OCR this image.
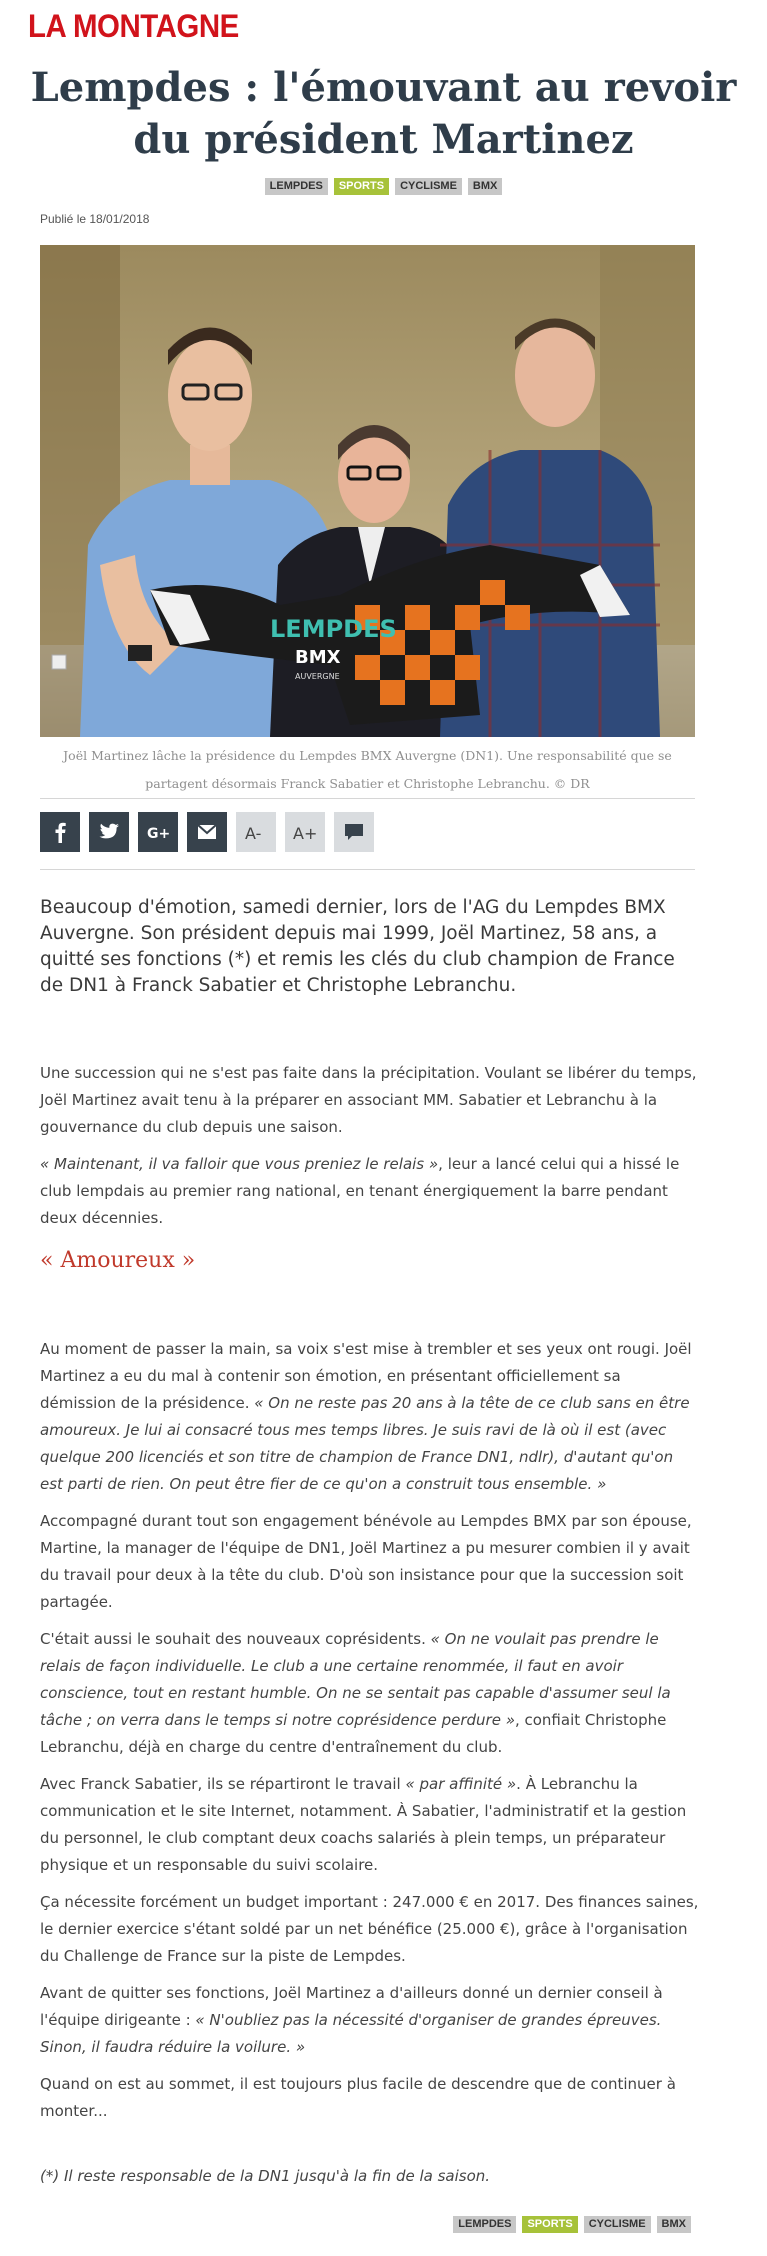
LA MONTAGNE
Lempdes : l'émouvant au revoir du président Martinez
LEMPDES SPORTS CYCLISME BMX
Publié le 18/01/2018
LEMPDES
BMX
AUVERGNE
Joël Martinez lâche la présidence du Lempdes BMX Auvergne (DN1). Une responsabilité que se partagent désormais Franck Sabatier et Christophe Lebranchu. © DR

G+

	A-
A+

Beaucoup d'émotion, samedi dernier, lors de l'AG du Lempdes BMX Auvergne. Son président depuis mai 1999, Joël Martinez, 58 ans, a quitté ses fonctions (*) et remis les clés du club champion de France de DN1 à Franck Sabatier et Christophe Lebranchu.

Une succession qui ne s'est pas faite dans la précipitation. Voulant se libérer du temps, Joël Martinez avait tenu à la préparer en associant MM. Sabatier et Lebranchu à la gouvernance du club depuis une saison.

« Maintenant, il va falloir que vous preniez le relais », leur a lancé celui qui a hissé le club lempdais au premier rang national, en tenant énergiquement la barre pendant deux décennies.

« Amoureux »

Au moment de passer la main, sa voix s'est mise à trembler et ses yeux ont rougi. Joël Martinez a eu du mal à contenir son émotion, en présentant officiellement sa démission de la présidence. « On ne reste pas 20 ans à la tête de ce club sans en être amoureux. Je lui ai consacré tous mes temps libres. Je suis ravi de là où il est (avec quelque 200 licenciés et son titre de champion de France DN1, ndlr), d'autant qu'on est parti de rien. On peut être fier de ce qu'on a construit tous ensemble. »

Accompagné durant tout son engagement bénévole au Lempdes BMX par son épouse, Martine, la manager de l'équipe de DN1, Joël Martinez a pu mesurer combien il y avait du travail pour deux à la tête du club. D'où son insistance pour que la succession soit partagée.

C'était aussi le souhait des nouveaux coprésidents. « On ne voulait pas prendre le relais de façon individuelle. Le club a une certaine renommée, il faut en avoir conscience, tout en restant humble. On ne se sentait pas capable d'assumer seul la tâche ; on verra dans le temps si notre coprésidence perdure », confiait Christophe Lebranchu, déjà en charge du centre d'entraînement du club.

Avec Franck Sabatier, ils se répartiront le travail « par affinité ». À Lebranchu la communication et le site Internet, notamment. À Sabatier, l'administratif et la gestion du personnel, le club comptant deux coachs salariés à plein temps, un préparateur physique et un responsable du suivi scolaire.

Ça nécessite forcément un budget important : 247.000 € en 2017. Des finances saines, le dernier exercice s'étant soldé par un net bénéfice (25.000 €), grâce à l'organisation du Challenge de France sur la piste de Lempdes.

Avant de quitter ses fonctions, Joël Martinez a d'ailleurs donné un dernier conseil à l'équipe dirigeante : « N'oubliez pas la nécessité d'organiser de grandes épreuves. Sinon, il faudra réduire la voilure. »

Quand on est au sommet, il est toujours plus facile de descendre que de continuer à monter...

(*) Il reste responsable de la DN1 jusqu'à la fin de la saison.
LEMPDES SPORTS CYCLISME BMX
